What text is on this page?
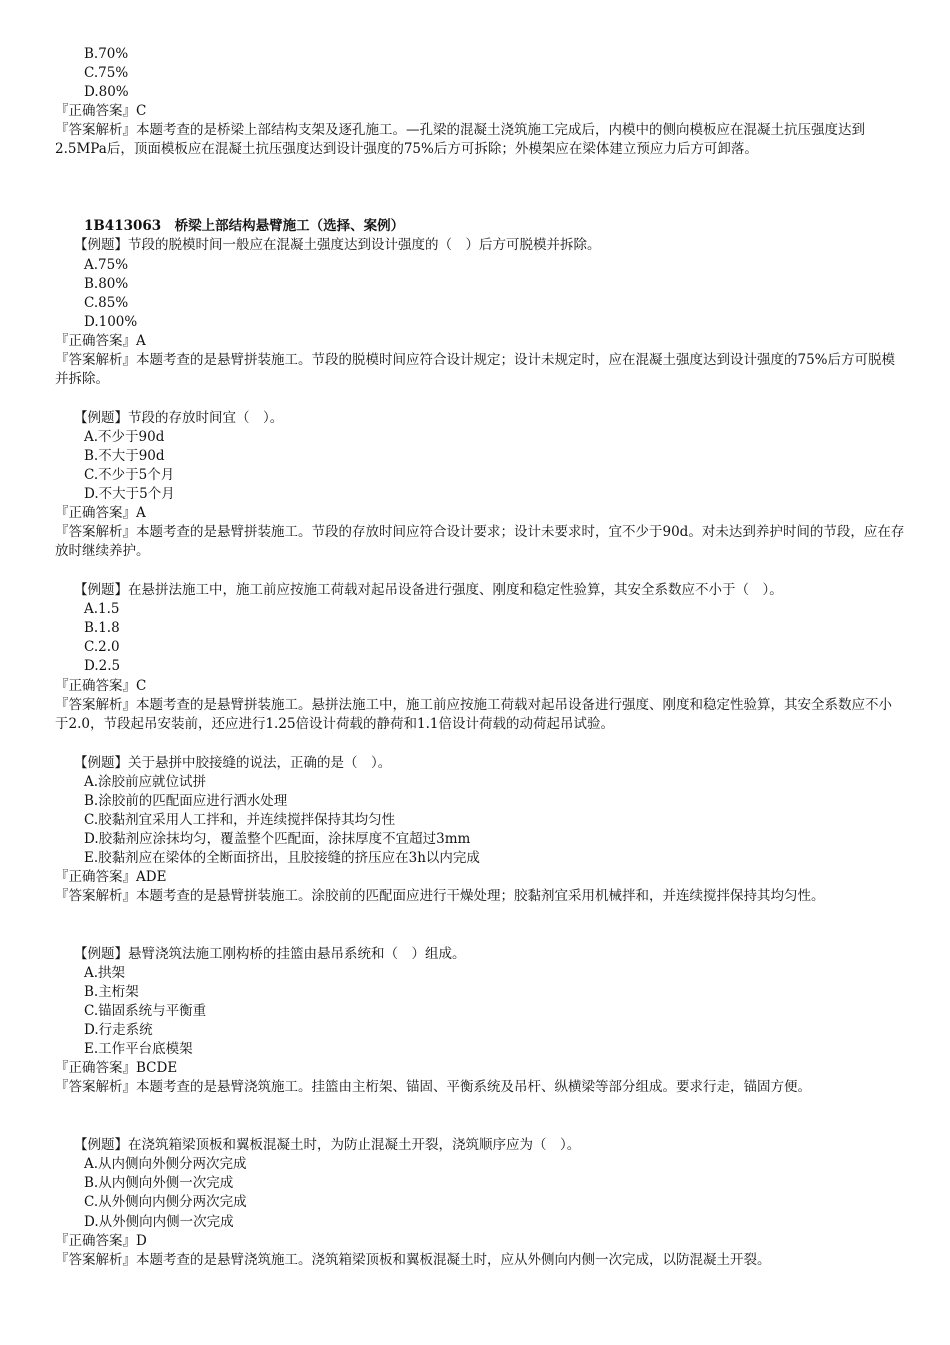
B.70%
C.75%
D.80%
『正确答案』C
『答案解析』本题考查的是桥梁上部结构支架及逐孔施工。—孔梁的混凝土浇筑施工完成后，内模中的侧向模板应在混凝土抗压强度达到2.5MPa后，顶面模板应在混凝土抗压强度达到设计强度的75%后方可拆除；外模架应在梁体建立预应力后方可卸落。
1B413063　桥梁上部结构悬臂施工（选择、案例）
【例题】节段的脱模时间一般应在混凝土强度达到设计强度的（　）后方可脱模并拆除。
A.75%
B.80%
C.85%
D.100%
『正确答案』A
『答案解析』本题考查的是悬臂拼装施工。节段的脱模时间应符合设计规定；设计未规定时，应在混凝土强度达到设计强度的75%后方可脱模并拆除。
【例题】节段的存放时间宜（　）。
A.不少于90d
B.不大于90d
C.不少于5个月
D.不大于5个月
『正确答案』A
『答案解析』本题考查的是悬臂拼装施工。节段的存放时间应符合设计要求；设计未要求时，宜不少于90d。对未达到养护时间的节段，应在存放时继续养护。
【例题】在悬拼法施工中，施工前应按施工荷载对起吊设备进行强度、刚度和稳定性验算，其安全系数应不小于（　）。
A.1.5
B.1.8
C.2.0
D.2.5
『正确答案』C
『答案解析』本题考查的是悬臂拼装施工。悬拼法施工中，施工前应按施工荷载对起吊设备进行强度、刚度和稳定性验算，其安全系数应不小于2.0，节段起吊安装前，还应进行1.25倍设计荷载的静荷和1.1倍设计荷载的动荷起吊试验。
【例题】关于悬拼中胶接缝的说法，正确的是（　）。
A.涂胶前应就位试拼
B.涂胶前的匹配面应进行洒水处理
C.胶黏剂宜采用人工拌和，并连续搅拌保持其均匀性
D.胶黏剂应涂抹均匀，覆盖整个匹配面，涂抹厚度不宜超过3mm
E.胶黏剂应在梁体的全断面挤出，且胶接缝的挤压应在3h以内完成
『正确答案』ADE
『答案解析』本题考查的是悬臂拼装施工。涂胶前的匹配面应进行干燥处理；胶黏剂宜采用机械拌和，并连续搅拌保持其均匀性。
【例题】悬臂浇筑法施工刚构桥的挂篮由悬吊系统和（　）组成。
A.拱架
B.主桁架
C.锚固系统与平衡重
D.行走系统
E.工作平台底模架
『正确答案』BCDE
『答案解析』本题考查的是悬臂浇筑施工。挂篮由主桁架、锚固、平衡系统及吊杆、纵横梁等部分组成。要求行走，锚固方便。
【例题】在浇筑箱梁顶板和翼板混凝土时，为防止混凝土开裂，浇筑顺序应为（　）。
A.从内侧向外侧分两次完成
B.从内侧向外侧一次完成
C.从外侧向内侧分两次完成
D.从外侧向内侧一次完成
『正确答案』D
『答案解析』本题考查的是悬臂浇筑施工。浇筑箱梁顶板和翼板混凝土时，应从外侧向内侧一次完成，以防混凝土开裂。
